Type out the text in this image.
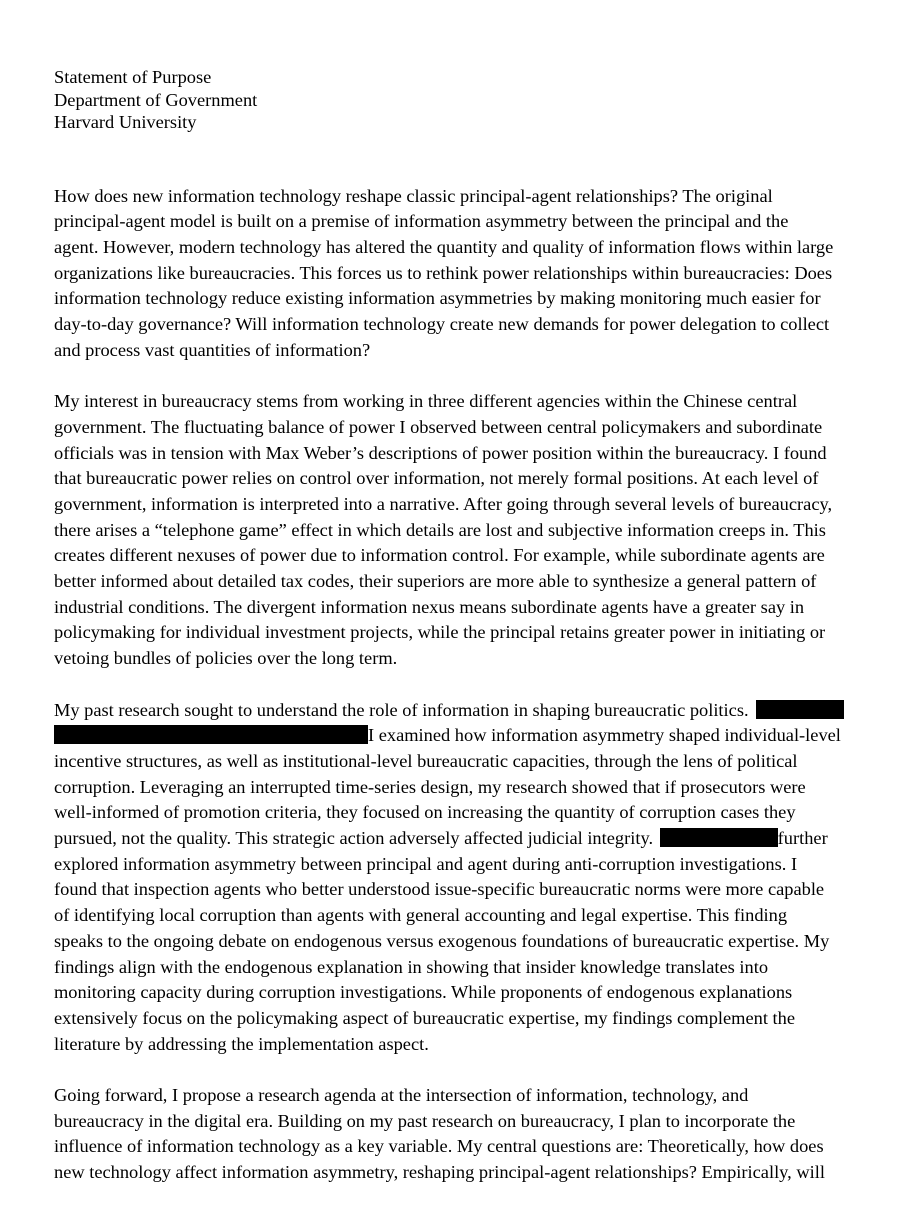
Statement of Purpose
Department of Government
Harvard University
How does new information technology reshape classic principal-agent relationships? The original
principal-agent model is built on a premise of information asymmetry between the principal and the
agent. However, modern technology has altered the quantity and quality of information flows within large
organizations like bureaucracies. This forces us to rethink power relationships within bureaucracies: Does
information technology reduce existing information asymmetries by making monitoring much easier for
day-to-day governance? Will information technology create new demands for power delegation to collect
and process vast quantities of information?
My interest in bureaucracy stems from working in three different agencies within the Chinese central
government. The fluctuating balance of power I observed between central policymakers and subordinate
officials was in tension with Max Weber’s descriptions of power position within the bureaucracy. I found
that bureaucratic power relies on control over information, not merely formal positions. At each level of
government, information is interpreted into a narrative. After going through several levels of bureaucracy,
there arises a “telephone game” effect in which details are lost and subjective information creeps in. This
creates different nexuses of power due to information control. For example, while subordinate agents are
better informed about detailed tax codes, their superiors are more able to synthesize a general pattern of
industrial conditions. The divergent information nexus means subordinate agents have a greater say in
policymaking for individual investment projects, while the principal retains greater power in initiating or
vetoing bundles of policies over the long term.
My past research sought to understand the role of information in shaping bureaucratic politics.
I examined how information asymmetry shaped individual-level
incentive structures, as well as institutional-level bureaucratic capacities, through the lens of political
corruption. Leveraging an interrupted time-series design, my research showed that if prosecutors were
well-informed of promotion criteria, they focused on increasing the quantity of corruption cases they
pursued, not the quality. This strategic action adversely affected judicial integrity.	further
explored information asymmetry between principal and agent during anti-corruption investigations. I
found that inspection agents who better understood issue-specific bureaucratic norms were more capable
of identifying local corruption than agents with general accounting and legal expertise. This finding
speaks to the ongoing debate on endogenous versus exogenous foundations of bureaucratic expertise. My
findings align with the endogenous explanation in showing that insider knowledge translates into
monitoring capacity during corruption investigations. While proponents of endogenous explanations
extensively focus on the policymaking aspect of bureaucratic expertise, my findings complement the
literature by addressing the implementation aspect.
Going forward, I propose a research agenda at the intersection of information, technology, and
bureaucracy in the digital era. Building on my past research on bureaucracy, I plan to incorporate the
influence of information technology as a key variable. My central questions are: Theoretically, how does
new technology affect information asymmetry, reshaping principal-agent relationships? Empirically, will
